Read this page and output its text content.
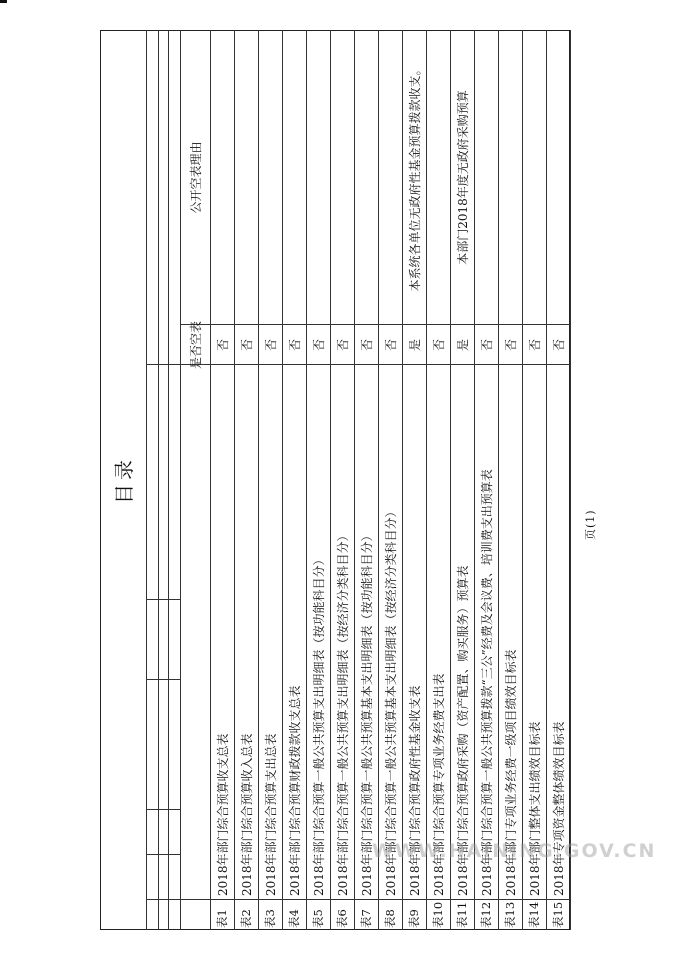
目录
是否空表
公开空表理由
表1
2018年部门综合预算收支总表
否
表2
2018年部门综合预算收入总表
否
表3
2018年部门综合预算支出总表
否
表4
2018年部门综合预算财政拨款收支总表
否
表5
2018年部门综合预算一般公共预算支出明细表（按功能科目分）
否
表6
2018年部门综合预算一般公共预算支出明细表（按经济分类科目分）
否
表7
2018年部门综合预算一般公共预算基本支出明细表（按功能科目分）
否
表8
2018年部门综合预算一般公共预算基本支出明细表（按经济分类科目分）
否
表9
2018年部门综合预算政府性基金收支表
是
本系统各单位无政府性基金预算拨款收支。
表10
2018年部门综合预算专项业务经费支出表
否
表11
2018年部门综合预算政府采购（资产配置、购买服务）预算表
是
本部门2018年度无政府采购预算
表12
2018年部门综合预算一般公共预算拨款“三公”经费及会议费、培训费支出预算表
否
表13
2018年部门专项业务经费一级项目绩效目标表
否
表14
2018年部门整体支出绩效目标表
否
表15
2018年专项资金整体绩效目标表
否
页(1)
WWW.HAINING.GOV.CN
